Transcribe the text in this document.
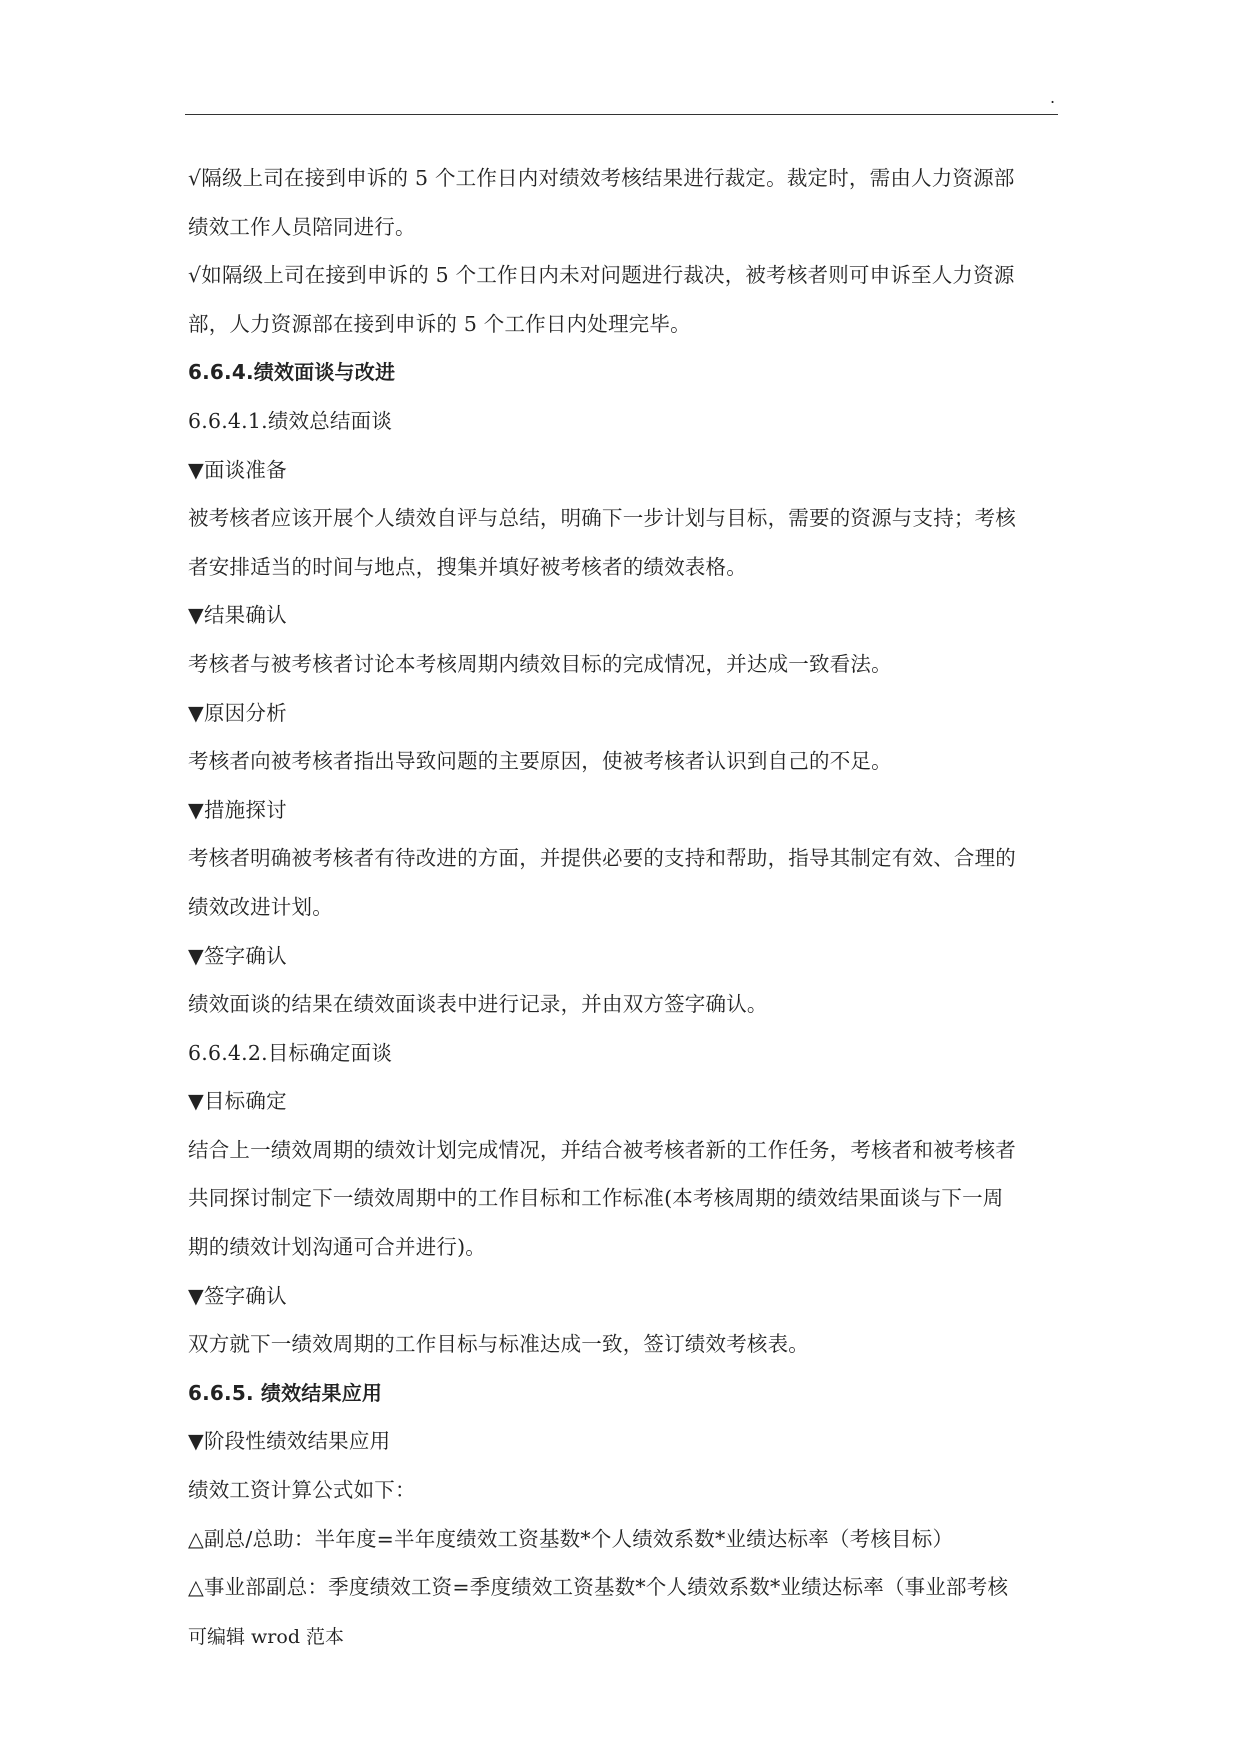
.
√隔级上司在接到申诉的 5 个工作日内对绩效考核结果进行裁定。裁定时，需由人力资源部
绩效工作人员陪同进行。
√如隔级上司在接到申诉的 5 个工作日内未对问题进行裁决，被考核者则可申诉至人力资源
部，人力资源部在接到申诉的 5 个工作日内处理完毕。
6.6.4.绩效面谈与改进
6.6.4.1.绩效总结面谈
▼面谈准备
被考核者应该开展个人绩效自评与总结，明确下一步计划与目标，需要的资源与支持；考核
者安排适当的时间与地点，搜集并填好被考核者的绩效表格。
▼结果确认
考核者与被考核者讨论本考核周期内绩效目标的完成情况，并达成一致看法。
▼原因分析
考核者向被考核者指出导致问题的主要原因，使被考核者认识到自己的不足。
▼措施探讨
考核者明确被考核者有待改进的方面，并提供必要的支持和帮助，指导其制定有效、合理的
绩效改进计划。
▼签字确认
绩效面谈的结果在绩效面谈表中进行记录，并由双方签字确认。
6.6.4.2.目标确定面谈
▼目标确定
结合上一绩效周期的绩效计划完成情况，并结合被考核者新的工作任务，考核者和被考核者
共同探讨制定下一绩效周期中的工作目标和工作标准(本考核周期的绩效结果面谈与下一周
期的绩效计划沟通可合并进行)。
▼签字确认
双方就下一绩效周期的工作目标与标准达成一致，签订绩效考核表。
6.6.5. 绩效结果应用
▼阶段性绩效结果应用
绩效工资计算公式如下：
△副总/总助：半年度=半年度绩效工资基数*个人绩效系数*业绩达标率（考核目标）
△事业部副总：季度绩效工资=季度绩效工资基数*个人绩效系数*业绩达标率（事业部考核
可编辑 wrod 范本
